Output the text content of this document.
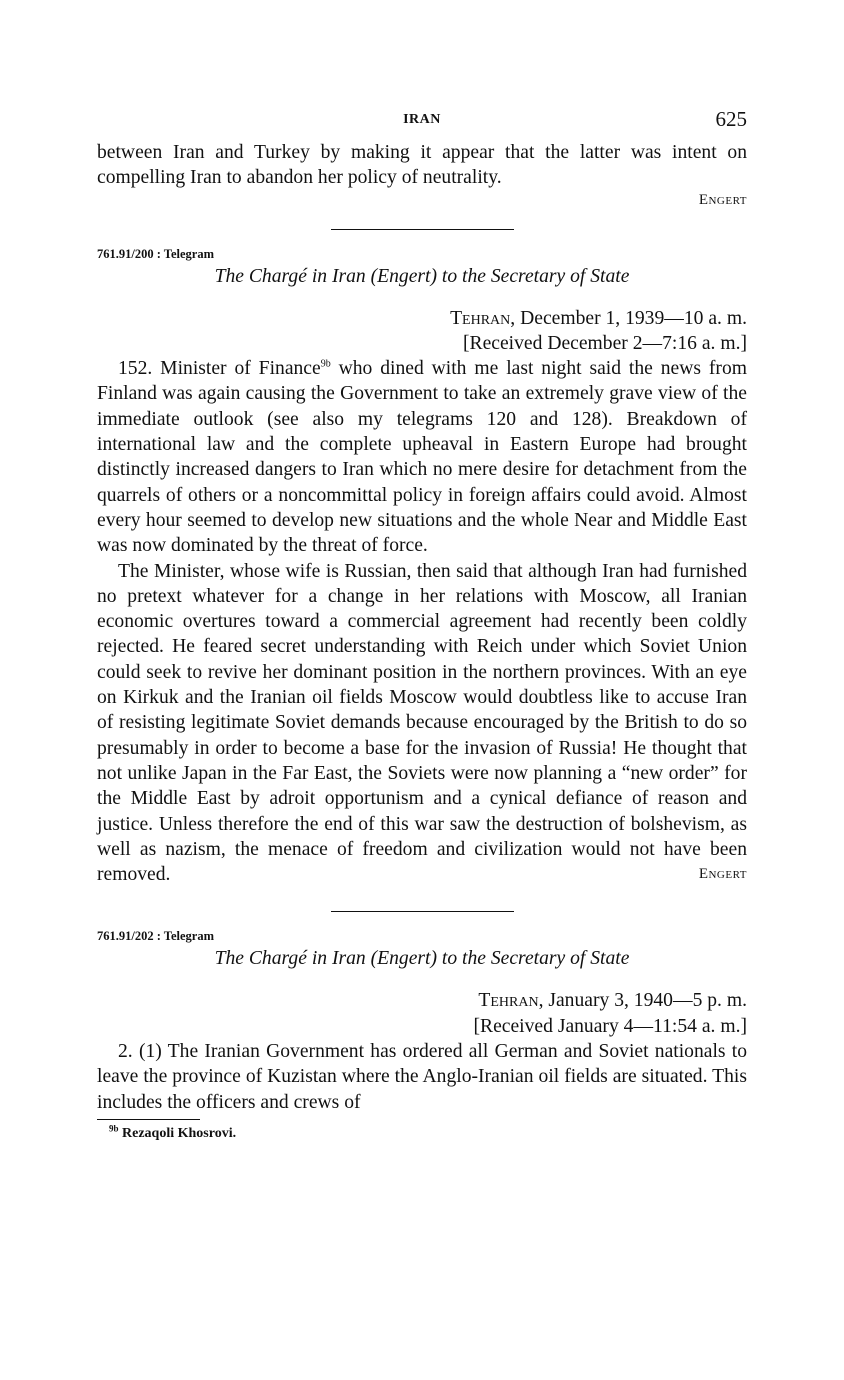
IRAN	625

between Iran and Turkey by making it appear that the latter was intent on compelling Iran to abandon her policy of neutrality.

Engert
761.91/200 : Telegram
The Chargé in Iran (Engert) to the Secretary of State
Tehran, December 1, 1939—10 a. m.
[Received December 2—7:16 a. m.]

152. Minister of Finance$^{9b}$ who dined with me last night said the news from Finland was again causing the Government to take an extremely grave view of the immediate outlook (see also my telegrams 120 and 128). Breakdown of international law and the complete upheaval in Eastern Europe had brought distinctly increased dangers to Iran which no mere desire for detachment from the quarrels of others or a noncommittal policy in foreign affairs could avoid. Almost every hour seemed to develop new situations and the whole Near and Middle East was now dominated by the threat of force.

The Minister, whose wife is Russian, then said that although Iran had furnished no pretext whatever for a change in her relations with Moscow, all Iranian economic overtures toward a commercial agreement had recently been coldly rejected. He feared secret understanding with Reich under which Soviet Union could seek to revive her dominant position in the northern provinces. With an eye on Kirkuk and the Iranian oil fields Moscow would doubtless like to accuse Iran of resisting legitimate Soviet demands because encouraged by the British to do so presumably in order to become a base for the invasion of Russia! He thought that not unlike Japan in the Far East, the Soviets were now planning a “new order” for the Middle East by adroit opportunism and a cynical defiance of reason and justice. Unless therefore the end of this war saw the destruction of bolshevism, as well as nazism, the menace of freedom and civilization would not have been removed.	Engert

761.91/202 : Telegram
The Chargé in Iran (Engert) to the Secretary of State
Tehran, January 3, 1940—5 p. m.
[Received January 4—11:54 a. m.]

2. (1) The Iranian Government has ordered all German and Soviet nationals to leave the province of Kuzistan where the Anglo-Iranian oil fields are situated. This includes the officers and crews of

$^{9b}$ Rezaqoli Khosrovi.
